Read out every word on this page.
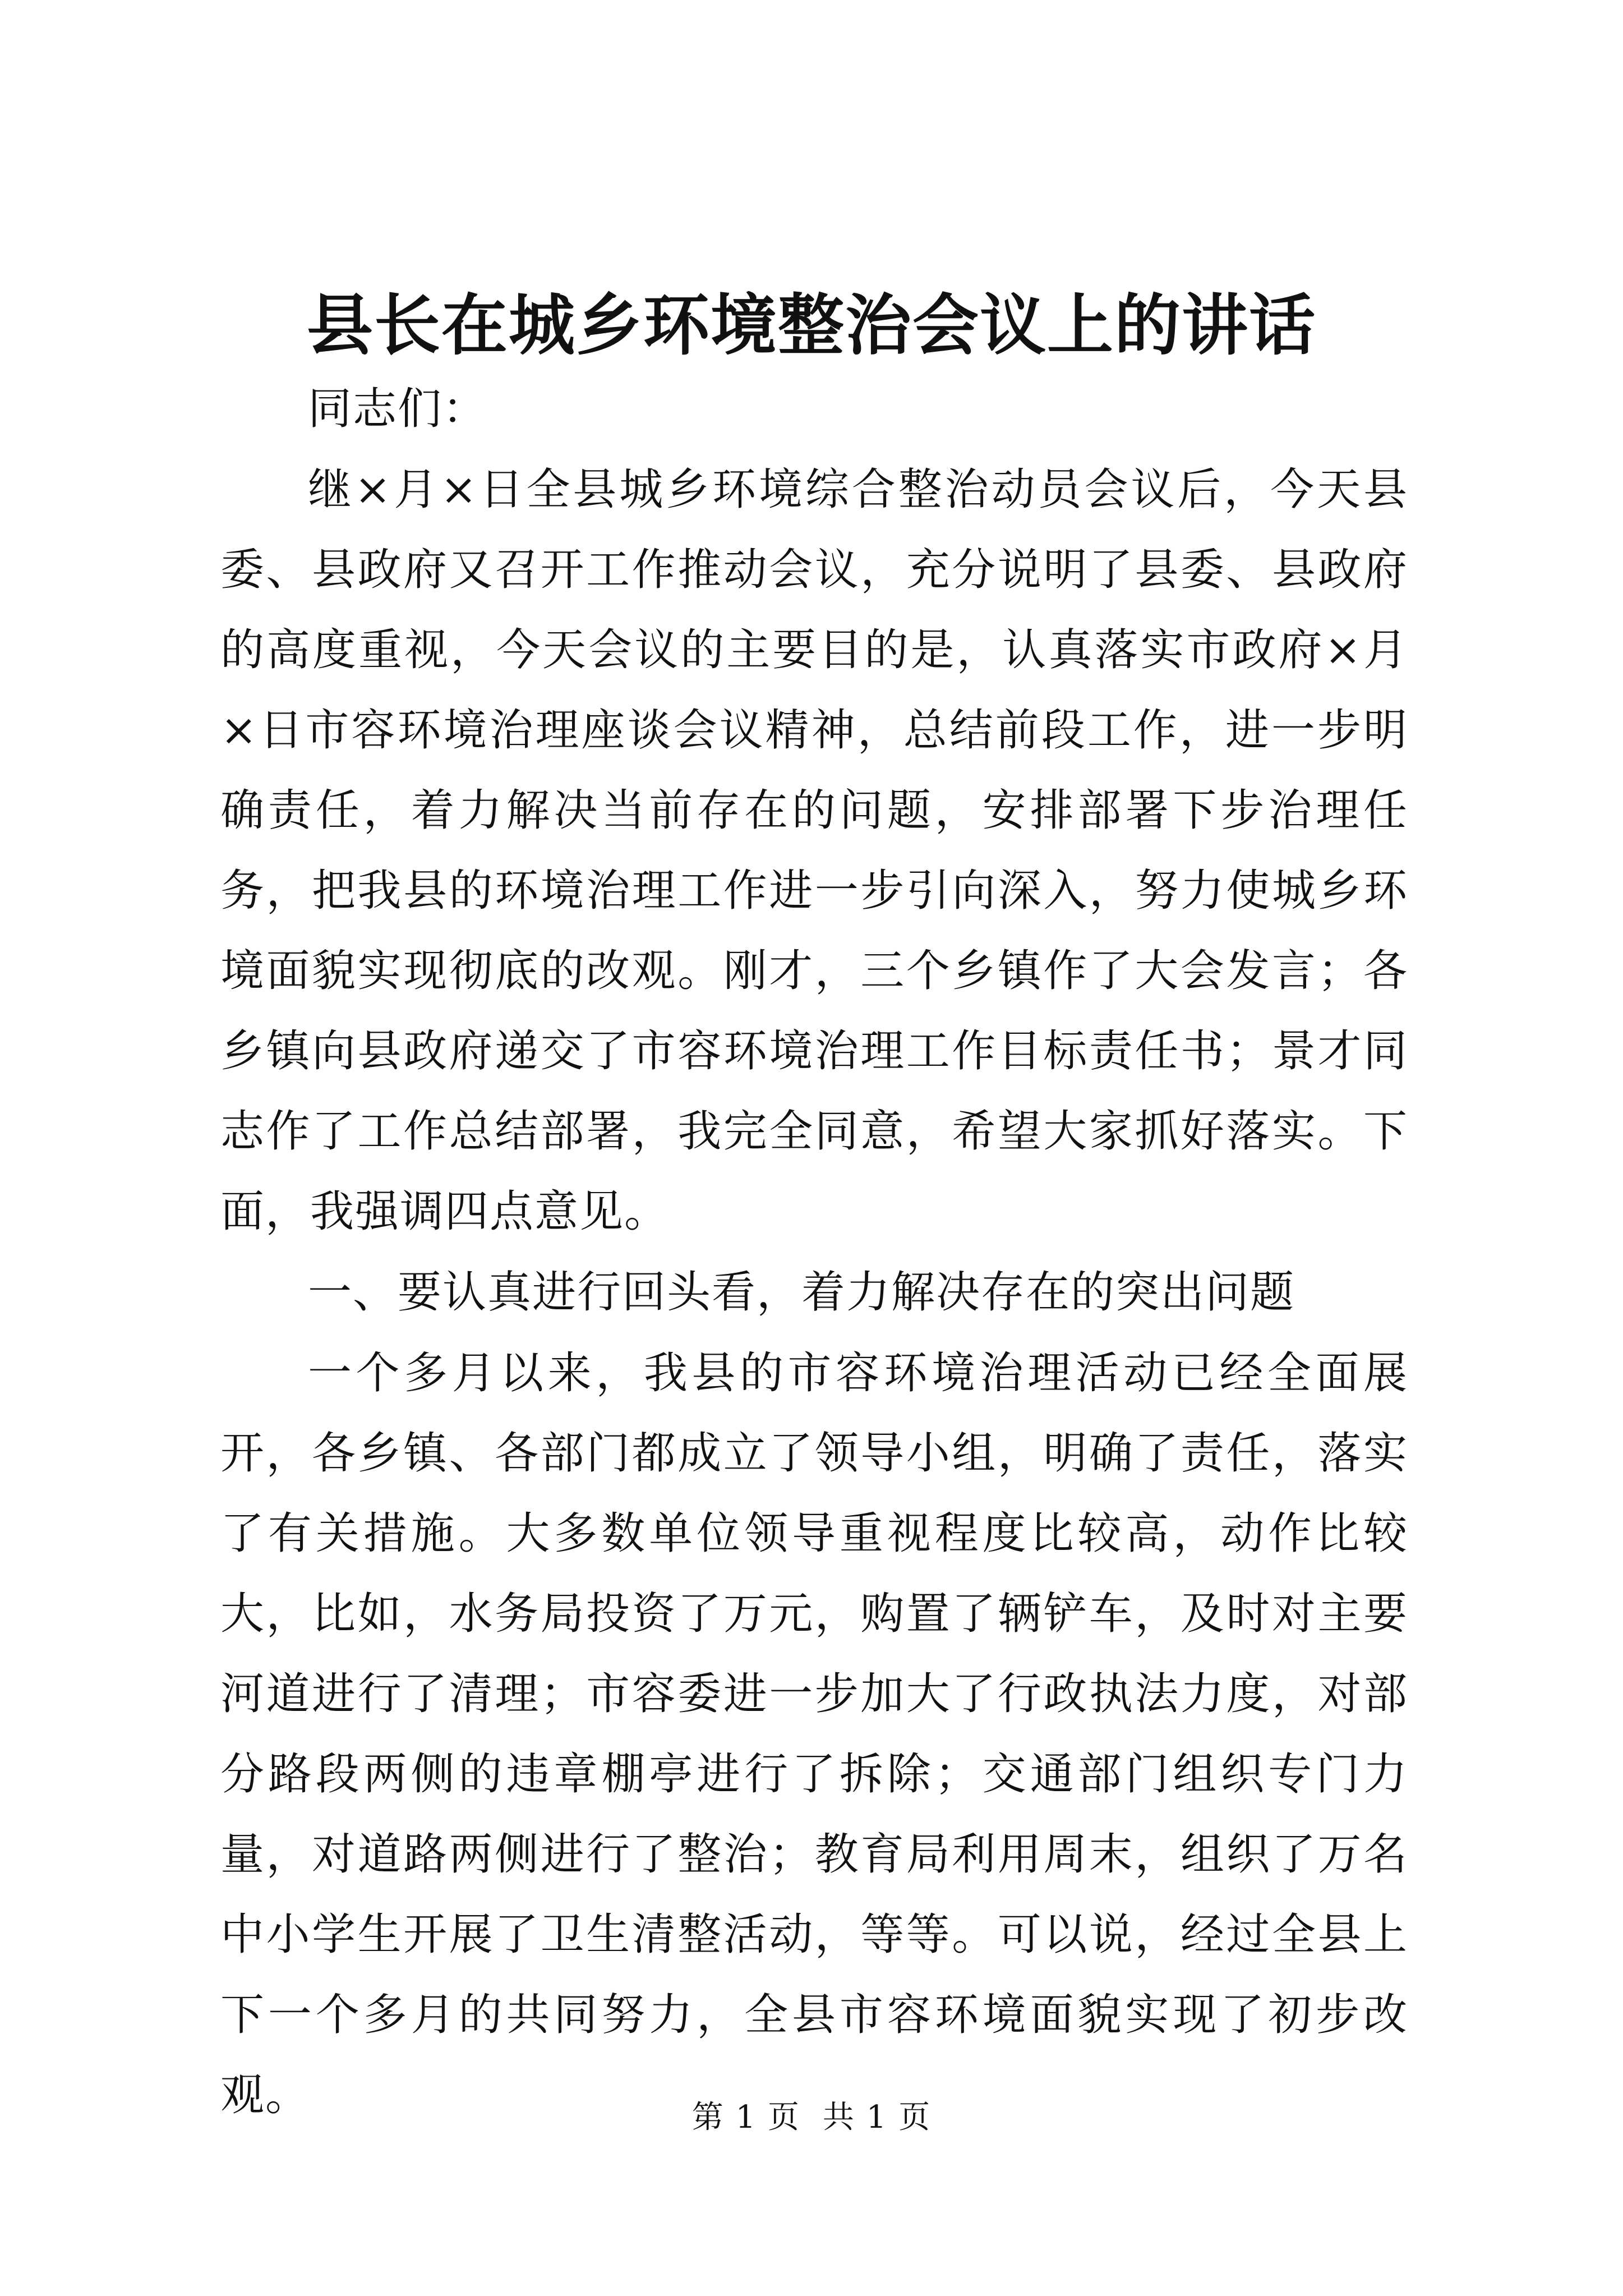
县长在城乡环境整治会议上的讲话

同志们：

继×月×日全县城乡环境综合整治动员会议后，今天县委、县政府又召开工作推动会议，充分说明了县委、县政府的高度重视，今天会议的主要目的是，认真落实市政府×月×日市容环境治理座谈会议精神，总结前段工作，进一步明确责任，着力解决当前存在的问题，安排部署下步治理任务，把我县的环境治理工作进一步引向深入，努力使城乡环境面貌实现彻底的改观。刚才，三个乡镇作了大会发言；各乡镇向县政府递交了市容环境治理工作目标责任书；景才同志作了工作总结部署，我完全同意，希望大家抓好落实。下面，我强调四点意见。

一、要认真进行回头看，着力解决存在的突出问题

一个多月以来，我县的市容环境治理活动已经全面展开，各乡镇、各部门都成立了领导小组，明确了责任，落实了有关措施。大多数单位领导重视程度比较高，动作比较大，比如，水务局投资了万元，购置了辆铲车，及时对主要河道进行了清理；市容委进一步加大了行政执法力度，对部分路段两侧的违章棚亭进行了拆除；交通部门组织专门力量，对道路两侧进行了整治；教育局利用周末，组织了万名中小学生开展了卫生清整活动，等等。可以说，经过全县上下一个多月的共同努力，全县市容环境面貌实现了初步改观。	第 1 页 共 1 页
